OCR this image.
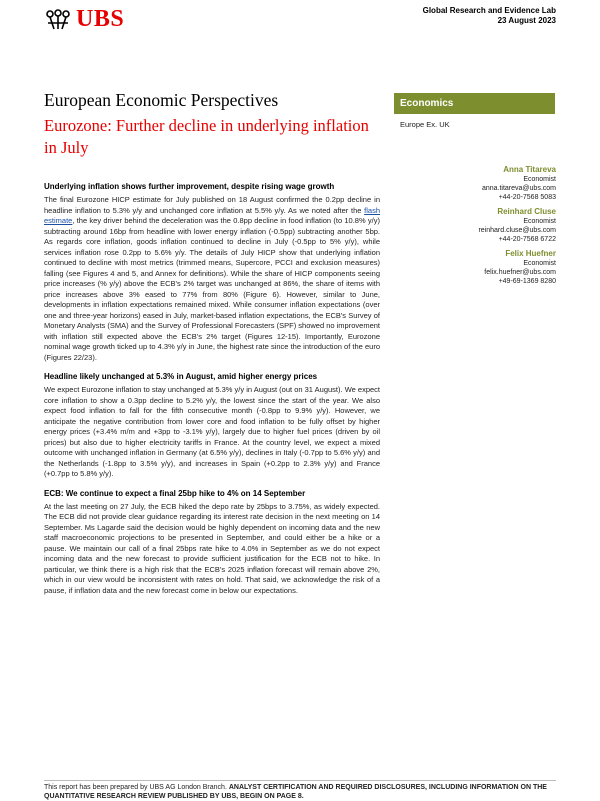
UBS	Global Research and Evidence Lab
23 August 2023
European Economic Perspectives
Eurozone: Further decline in underlying inflation in July
Economics
Europe Ex. UK
Anna Titareva
Economist
anna.titareva@ubs.com
+44-20-7568 5083
Reinhard Cluse
Economist
reinhard.cluse@ubs.com
+44-20-7568 6722
Felix Huefner
Economist
felix.huefner@ubs.com
+49-69-1369 8280
Underlying inflation shows further improvement, despite rising wage growth

The final Eurozone HICP estimate for July published on 18 August confirmed the 0.2pp decline in headline inflation to 5.3% y/y and unchanged core inflation at 5.5% y/y. As we noted after the flash estimate, the key driver behind the deceleration was the 0.8pp decline in food inflation (to 10.8% y/y) subtracting around 16bp from headline with lower energy inflation (-0.5pp) subtracting another 5bp. As regards core inflation, goods inflation continued to decline in July (-0.5pp to 5% y/y), while services inflation rose 0.2pp to 5.6% y/y. The details of July HICP show that underlying inflation continued to decline with most metrics (trimmed means, Supercore, PCCI and exclusion measures) falling (see Figures 4 and 5, and Annex for definitions). While the share of HICP components seeing price increases (% y/y) above the ECB's 2% target was unchanged at 86%, the share of items with price increases above 3% eased to 77% from 80% (Figure 6). However, similar to June, developments in inflation expectations remained mixed. While consumer inflation expectations (over one and three-year horizons) eased in July, market-based inflation expectations, the ECB's Survey of Monetary Analysts (SMA) and the Survey of Professional Forecasters (SPF) showed no improvement with inflation still expected above the ECB's 2% target (Figures 12-15). Importantly, Eurozone nominal wage growth ticked up to 4.3% y/y in June, the highest rate since the introduction of the euro (Figures 22/23).

Headline likely unchanged at 5.3% in August, amid higher energy prices

We expect Eurozone inflation to stay unchanged at 5.3% y/y in August (out on 31 August). We expect core inflation to show a 0.3pp decline to 5.2% y/y, the lowest since the start of the year. We also expect food inflation to fall for the fifth consecutive month (-0.8pp to 9.9% y/y). However, we anticipate the negative contribution from lower core and food inflation to be fully offset by higher energy prices (+3.4% m/m and +3pp to -3.1% y/y), largely due to higher fuel prices (driven by oil prices) but also due to higher electricity tariffs in France. At the country level, we expect a mixed outcome with unchanged inflation in Germany (at 6.5% y/y), declines in Italy (-0.7pp to 5.6% y/y) and the Netherlands (-1.8pp to 3.5% y/y), and increases in Spain (+0.2pp to 2.3% y/y) and France (+0.7pp to 5.8% y/y).

ECB: We continue to expect a final 25bp hike to 4% on 14 September

At the last meeting on 27 July, the ECB hiked the depo rate by 25bps to 3.75%, as widely expected. The ECB did not provide clear guidance regarding its interest rate decision in the next meeting on 14 September. Ms Lagarde said the decision would be highly dependent on incoming data and the new staff macroeconomic projections to be presented in September, and could either be a hike or a pause. We maintain our call of a final 25bps rate hike to 4.0% in September as we do not expect incoming data and the new forecast to provide sufficient justification for the ECB not to hike. In particular, we think there is a high risk that the ECB's 2025 inflation forecast will remain above 2%, which in our view would be inconsistent with rates on hold. That said, we acknowledge the risk of a pause, if inflation data and the new forecast come in below our expectations.

This report has been prepared by UBS AG London Branch. ANALYST CERTIFICATION AND REQUIRED DISCLOSURES, INCLUDING INFORMATION ON THE QUANTITATIVE RESEARCH REVIEW PUBLISHED BY UBS, BEGIN ON PAGE 8.
